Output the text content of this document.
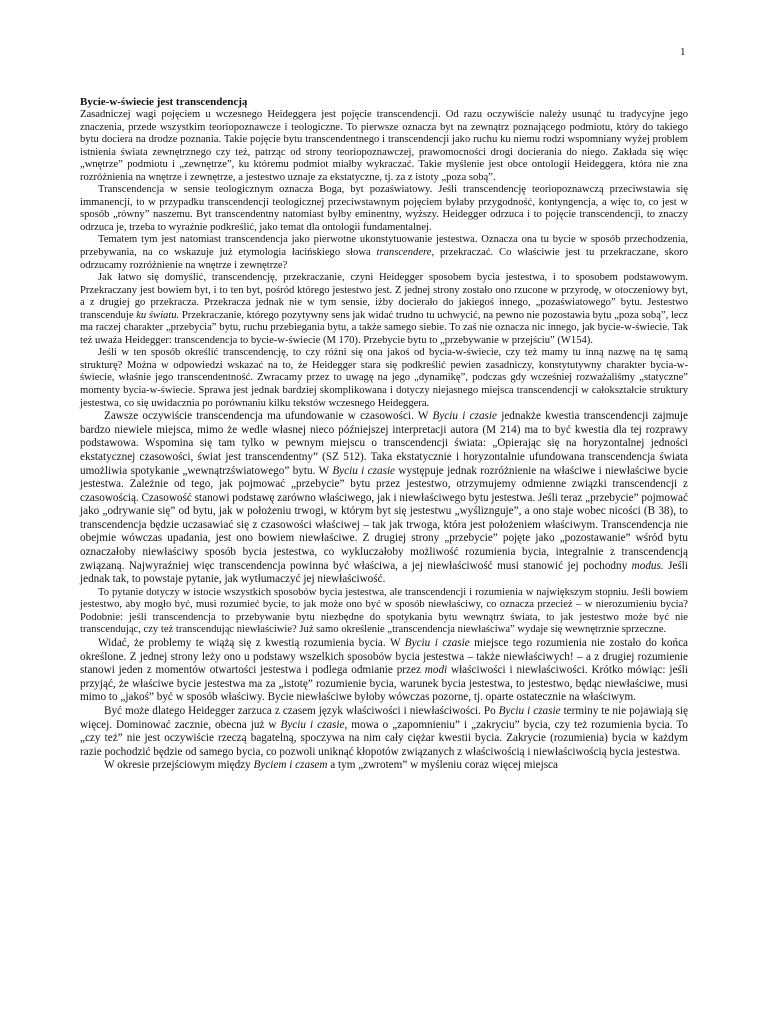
1
Bycie-w-świecie jest transcendencją

Zasadniczej wagi pojęciem u wczesnego Heideggera jest pojęcie transcendencji. Od razu oczywiście należy usunąć tu tradycyjne jego znaczenia, przede wszystkim teoriopoznawcze i teologiczne. To pierwsze oznacza byt na zewnątrz poznającego podmiotu, który do takiego bytu dociera na drodze poznania. Takie pojęcie bytu transcendentnego i transcendencji jako ruchu ku niemu rodzi wspomniany wyżej problem istnienia świata zewnętrznego czy też, patrząc od strony teoriopoznawczej, prawomocności drogi docierania do niego. Zakłada się więc „wnętrze” podmiotu i „zewnętrze”, ku któremu podmiot miałby wykraczać. Takie myślenie jest obce ontologii Heideggera, która nie zna rozróżnienia na wnętrze i zewnętrze, a jestestwo uznaje za ekstatyczne, tj. za z istoty „poza sobą”.

Transcendencja w sensie teologicznym oznacza Boga, byt pozaświatowy. Jeśli transcendencję teoriopoznawczą przeciwstawia się immanencji, to w przypadku transcendencji teologicznej przeciwstawnym pojęciem byłaby przygodność, kontyngencja, a więc to, co jest w sposób „równy” naszemu. Byt transcendentny natomiast byłby eminentny, wyższy. Heidegger odrzuca i to pojęcie transcendencji, to znaczy odrzuca je, trzeba to wyraźnie podkreślić, jako temat dla ontologii fundamentalnej.

Tematem tym jest natomiast transcendencja jako pierwotne ukonstytuowanie jestestwa. Oznacza ona tu bycie w sposób przechodzenia, przebywania, na co wskazuje już etymologia łacińskiego słowa transcendere, przekraczać. Co właściwie jest tu przekraczane, skoro odrzucamy rozróżnienie na wnętrze i zewnętrze?

Jak łatwo się domyślić, transcendencję, przekraczanie, czyni Heidegger sposobem bycia jestestwa, i to sposobem podstawowym. Przekraczany jest bowiem byt, i to ten byt, pośród którego jestestwo jest. Z jednej strony zostało ono rzucone w przyrodę, w otoczeniowy byt, a z drugiej go przekracza. Przekracza jednak nie w tym sensie, iżby docierało do jakiegoś innego, „pozaświatowego” bytu. Jestestwo transcenduje ku światu. Przekraczanie, którego pozytywny sens jak widać trudno tu uchwycić, na pewno nie pozostawia bytu „poza sobą”, lecz ma raczej charakter „przebycia” bytu, ruchu przebiegania bytu, a także samego siebie. To zaś nie oznacza nic innego, jak bycie-w-świecie. Tak też uważa Heidegger: transcendencja to bycie-w-świecie (M 170). Przebycie bytu to „przebywanie w przejściu” (W154).

Jeśli w ten sposób określić transcendencję, to czy różni się ona jakoś od bycia-w-świecie, czy też mamy tu inną nazwę na tę samą strukturę? Można w odpowiedzi wskazać na to, że Heidegger stara się podkreślić pewien zasadniczy, konstytutywny charakter bycia-w-świecie, właśnie jego transcendentność. Zwracamy przez to uwagę na jego „dynamikę”, podczas gdy wcześniej rozważaliśmy „statyczne” momenty bycia-w-świecie. Sprawa jest jednak bardziej skomplikowana i dotyczy niejasnego miejsca transcendencji w całokształcie struktury jestestwa, co się uwidacznia po porównaniu kilku tekstów wczesnego Heideggera.

Zawsze oczywiście transcendencja ma ufundowanie w czasowości. W Byciu i czasie jednakże kwestia transcendencji zajmuje bardzo niewiele miejsca, mimo że wedle własnej nieco późniejszej interpretacji autora (M 214) ma to być kwestia dla tej rozprawy podstawowa. Wspomina się tam tylko w pewnym miejscu o transcendencji świata: „Opierając się na horyzontalnej jedności ekstatycznej czasowości, świat jest transcendentny” (SZ 512). Taka ekstatycznie i horyzontalnie ufundowana transcendencja świata umożliwia spotykanie „wewnątrzświatowego” bytu. W Byciu i czasie występuje jednak rozróżnienie na właściwe i niewłaściwe bycie jestestwa. Zależnie od tego, jak pojmować „przebycie” bytu przez jestestwo, otrzymujemy odmienne związki transcendencji z czasowością. Czasowość stanowi podstawę zarówno właściwego, jak i niewłaściwego bytu jestestwa. Jeśli teraz „przebycie” pojmować jako „odrywanie się” od bytu, jak w położeniu trwogi, w którym byt się jestestwu „wyśliznguje”, a ono staje wobec nicości (B 38), to transcendencja będzie uczasawiać się z czasowości właściwej – tak jak trwoga, która jest położeniem właściwym. Transcendencja nie obejmie wówczas upadania, jest ono bowiem niewłaściwe. Z drugiej strony „przebycie” pojęte jako „pozostawanie” wśród bytu oznaczałoby niewłaściwy sposób bycia jestestwa, co wykluczałoby możliwość rozumienia bycia, integralnie z transcendencją związaną. Najwyraźniej więc transcendencja powinna być właściwa, a jej niewłaściwość musi stanowić jej pochodny modus. Jeśli jednak tak, to powstaje pytanie, jak wytłumaczyć jej niewłaściwość.

To pytanie dotyczy w istocie wszystkich sposobów bycia jestestwa, ale transcendencji i rozumienia w największym stopniu. Jeśli bowiem jestestwo, aby mogło być, musi rozumieć bycie, to jak może ono być w sposób niewłaściwy, co oznacza przecież – w nierozumieniu bycia? Podobnie: jeśli transcendencja to przebywanie bytu niezbędne do spotykania bytu wewnątrz świata, to jak jestestwo może być nie transcendując, czy też transcendując niewłaściwie? Już samo określenie „transcendencja niewłaściwa” wydaje się wewnętrznie sprzeczne.

Widać, że problemy te wiążą się z kwestią rozumienia bycia. W Byciu i czasie miejsce tego rozumienia nie zostało do końca określone. Z jednej strony leży ono u podstawy wszelkich sposobów bycia jestestwa – także niewłaściwych! – a z drugiej rozumienie stanowi jeden z momentów otwartości jestestwa i podlega odmianie przez modi właściwości i niewłaściwości. Krótko mówiąc: jeśli przyjąć, że właściwe bycie jestestwa ma za „istotę” rozumienie bycia, warunek bycia jestestwa, to jestestwo, będąc niewłaściwe, musi mimo to „jakoś” być w sposób właściwy. Bycie niewłaściwe byłoby wówczas pozorne, tj. oparte ostatecznie na właściwym.

Być może dlatego Heidegger zarzuca z czasem język właściwości i niewłaściwości. Po Byciu i czasie terminy te nie pojawiają się więcej. Dominować zacznie, obecna już w Byciu i czasie, mowa o „zapomnieniu” i „zakryciu” bycia, czy też rozumienia bycia. To „czy też” nie jest oczywiście rzeczą bagatelną, spoczywa na nim cały ciężar kwestii bycia. Zakrycie (rozumienia) bycia w każdym razie pochodzić będzie od samego bycia, co pozwoli uniknąć kłopotów związanych z właściwością i niewłaściwością bycia jestestwa.

W okresie przejściowym między Byciem i czasem a tym „zwrotem” w myśleniu coraz więcej miejsca
